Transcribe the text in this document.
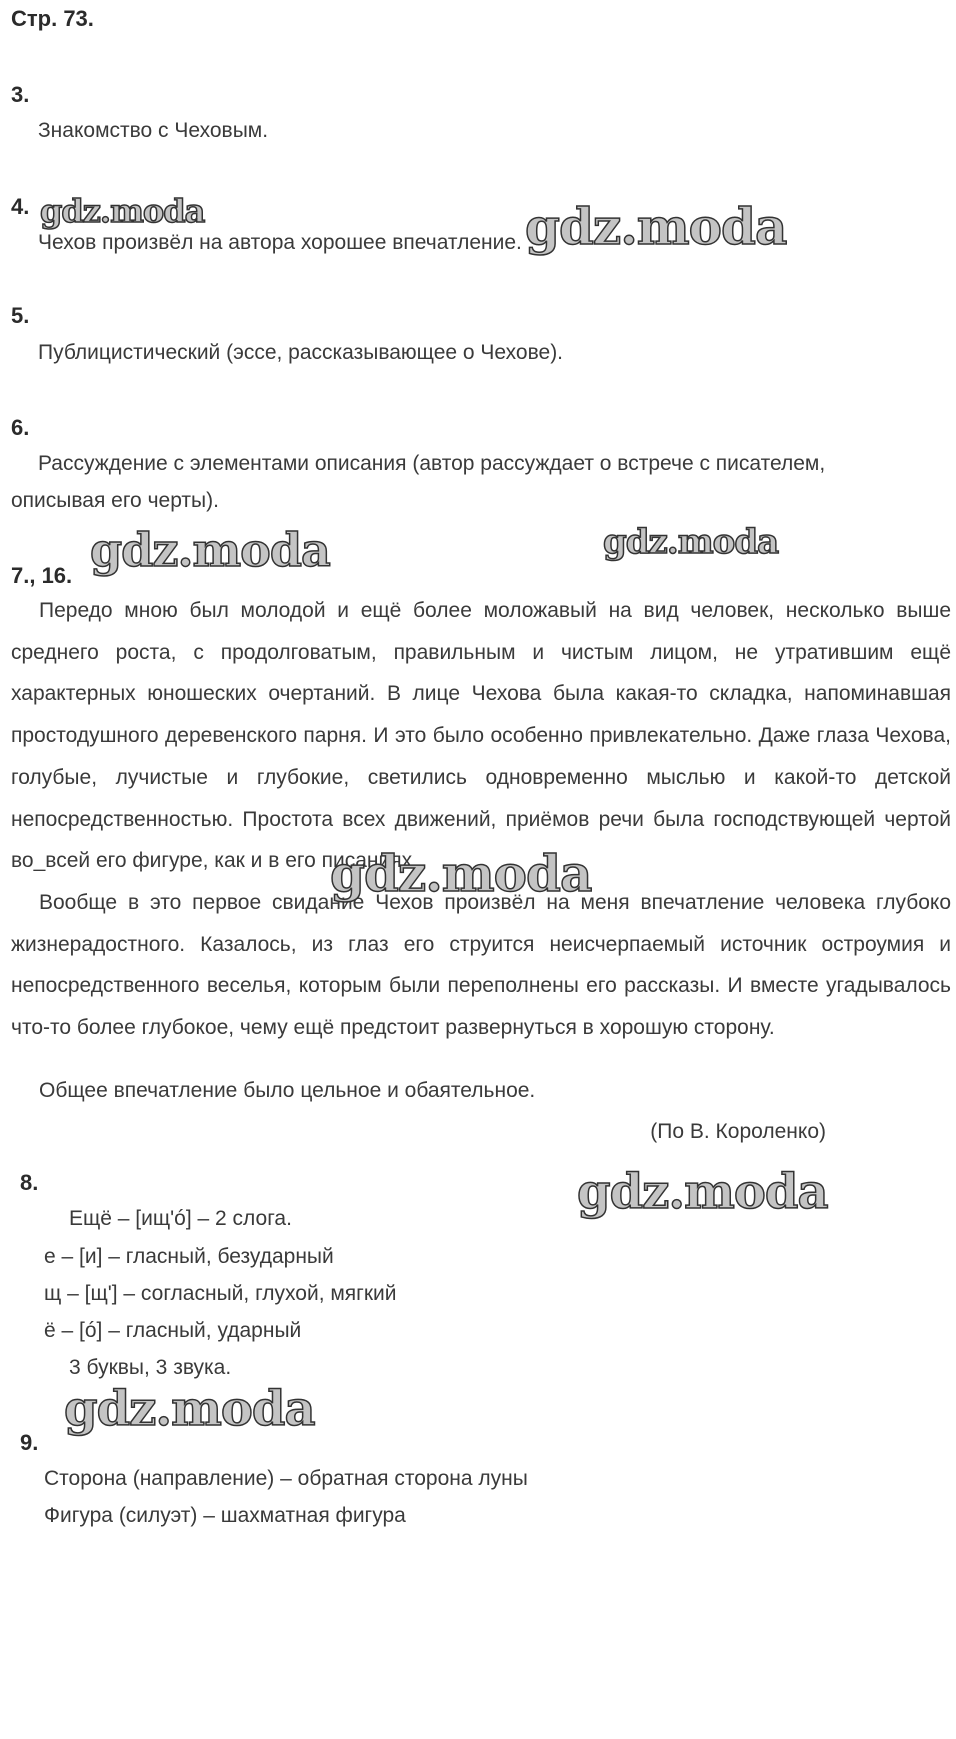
Стр. 73.
3.
Знакомство с Чеховым.
4.
Чехов произвёл на автора хорошее впечатление.
5.
Публицистический (эссе, рассказывающее о Чехове).
6.
Рассуждение с элементами описания (автор рассуждает о встрече с писателем,
описывая его черты).
7., 16.

Передо мною был молодой и ещё более моложавый на вид человек, несколько выше среднего роста, с продолговатым, правильным и чистым лицом, не утратившим ещё характерных юношеских очертаний. В лице Чехова была какая-то складка, напоминавшая простодушного деревенского парня. И это было особенно привлекательно. Даже глаза Чехова, голубые, лучистые и глубокие, светились одновременно мыслью и какой-то детской непосредственностью. Простота всех движений, приёмов речи была господствующей чертой во_всей его фигуре, как и в его писаниях.

Вообще в это первое свидание Чехов произвёл на меня впечатление человека глубоко жизнерадостного. Казалось, из глаз его струится неисчерпаемый источник остроумия и непосредственного веселья, которым были переполнены его рассказы. И вместе угадывалось что-то более глубокое, чему ещё предстоит развернуться в хорошую сторону.

Общее впечатление было цельное и обаятельное.

(По В. Короленко)
8.
Ещё – [ищ'ó] – 2 слога.
е – [и] – гласный, безударный
щ – [щ'] – согласный, глухой, мягкий
ё – [ó] – гласный, ударный
3 буквы, 3 звука.
9.
Сторона (направление) – обратная сторона луны
Фигура (силуэт) – шахматная фигура
gdz.moda	gdz.moda
gdz.moda	gdz.moda
gdz.moda
gdz.moda
gdz.moda
